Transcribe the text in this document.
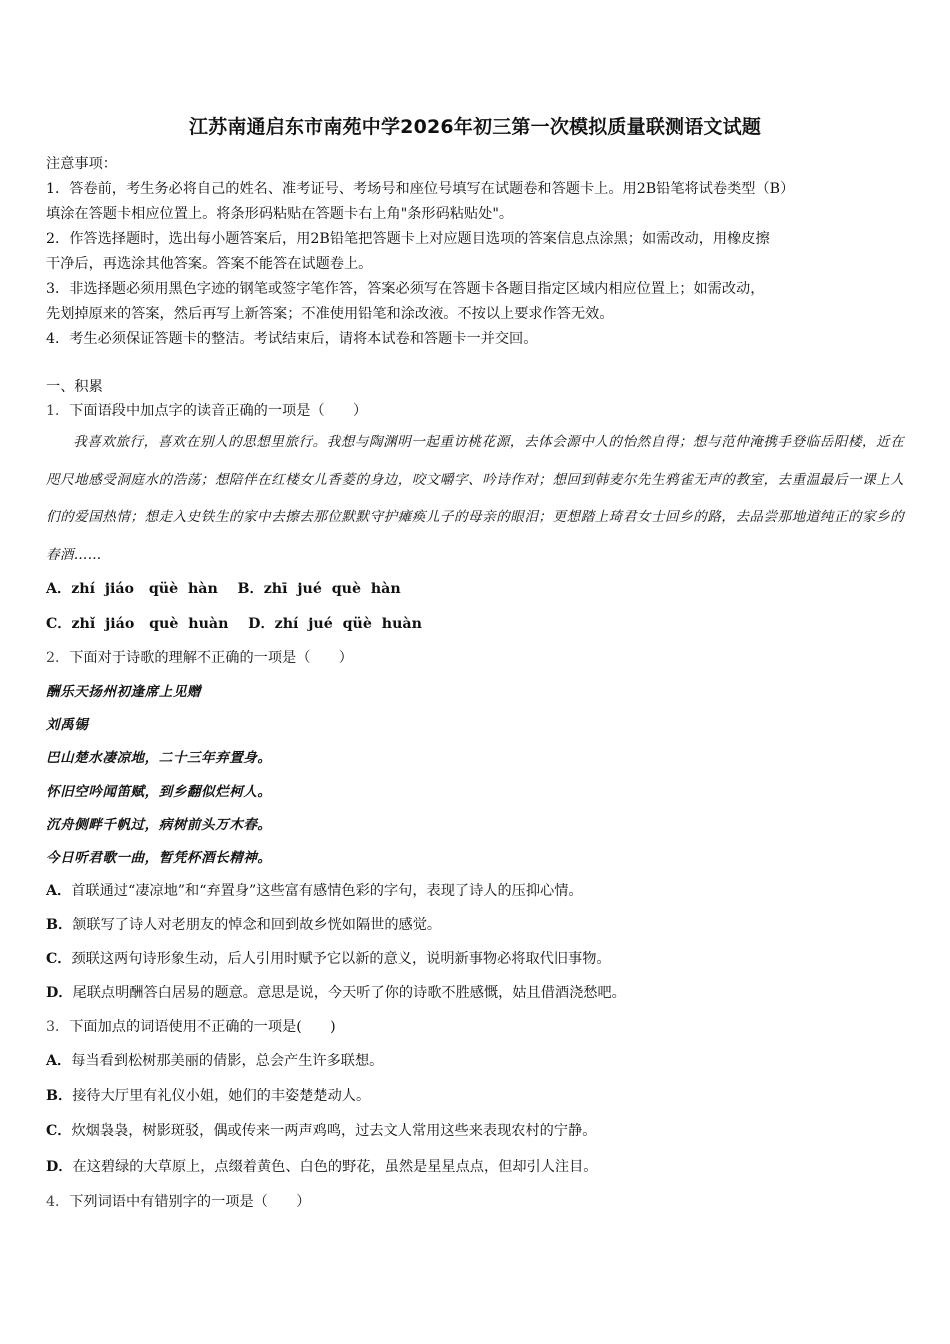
江苏南通启东市南苑中学2026年初三第一次模拟质量联测语文试题

注意事项：

1．答卷前，考生务必将自己的姓名、准考证号、考场号和座位号填写在试题卷和答题卡上。用2B铅笔将试卷类型（B）

填涂在答题卡相应位置上。将条形码粘贴在答题卡右上角"条形码粘贴处"。

2．作答选择题时，选出每小题答案后，用2B铅笔把答题卡上对应题目选项的答案信息点涂黑；如需改动，用橡皮擦

干净后，再选涂其他答案。答案不能答在试题卷上。

3．非选择题必须用黑色字迹的钢笔或签字笔作答，答案必须写在答题卡各题目指定区域内相应位置上；如需改动，

先划掉原来的答案，然后再写上新答案；不准使用铅笔和涂改液。不按以上要求作答无效。

4．考生必须保证答题卡的整洁。考试结束后，请将本试卷和答题卡一并交回。

一、积累
1．下面语段中加点字的读音正确的一项是（　　）
我喜欢旅行，喜欢在别人的思想里旅行。我想与陶渊明一起重访桃花源，去体会源中人的怡然自得；想与范仲淹携手登临岳阳楼，近在咫尺地感受洞庭水的浩荡；想陪伴在红楼女儿香菱的身边，咬文嚼字、吟诗作对；想回到韩麦尔先生鸦雀无声的教室，去重温最后一课上人们的爱国热情；想走入史铁生的家中去擦去那位默默守护瘫痪儿子的母亲的眼泪；更想踏上琦君女士回乡的路，去品尝那地道纯正的家乡的春酒……
A．zhí  jiáo   qüè  hàn    B．zhī  jué  què  hàn
C．zhǐ  jiáo   què  huàn    D．zhí  jué  qüè  huàn
2．下面对于诗歌的理解不正确的一项是（　　）
酬乐天扬州初逢席上见赠
刘禹锡
巴山楚水凄凉地，二十三年弃置身。
怀旧空吟闻笛赋，到乡翻似烂柯人。
沉舟侧畔千帆过，病树前头万木春。
今日听君歌一曲，暂凭杯酒长精神。
A．首联通过“凄凉地”和“弃置身”这些富有感情色彩的字句，表现了诗人的压抑心情。
B．颔联写了诗人对老朋友的悼念和回到故乡恍如隔世的感觉。
C．颈联这两句诗形象生动，后人引用时赋予它以新的意义，说明新事物必将取代旧事物。
D．尾联点明酬答白居易的题意。意思是说，今天听了你的诗歌不胜感慨，姑且借酒浇愁吧。
3．下面加点的词语使用不正确的一项是(　　)
A．每当看到松树那美丽的倩影，总会产生许多联想。
B．接待大厅里有礼仪小姐，她们的丰姿楚楚动人。
C．炊烟袅袅，树影斑驳，偶或传来一两声鸡鸣，过去文人常用这些来表现农村的宁静。
D．在这碧绿的大草原上，点缀着黄色、白色的野花，虽然是星星点点，但却引人注目。
4．下列词语中有错别字的一项是（　　）
